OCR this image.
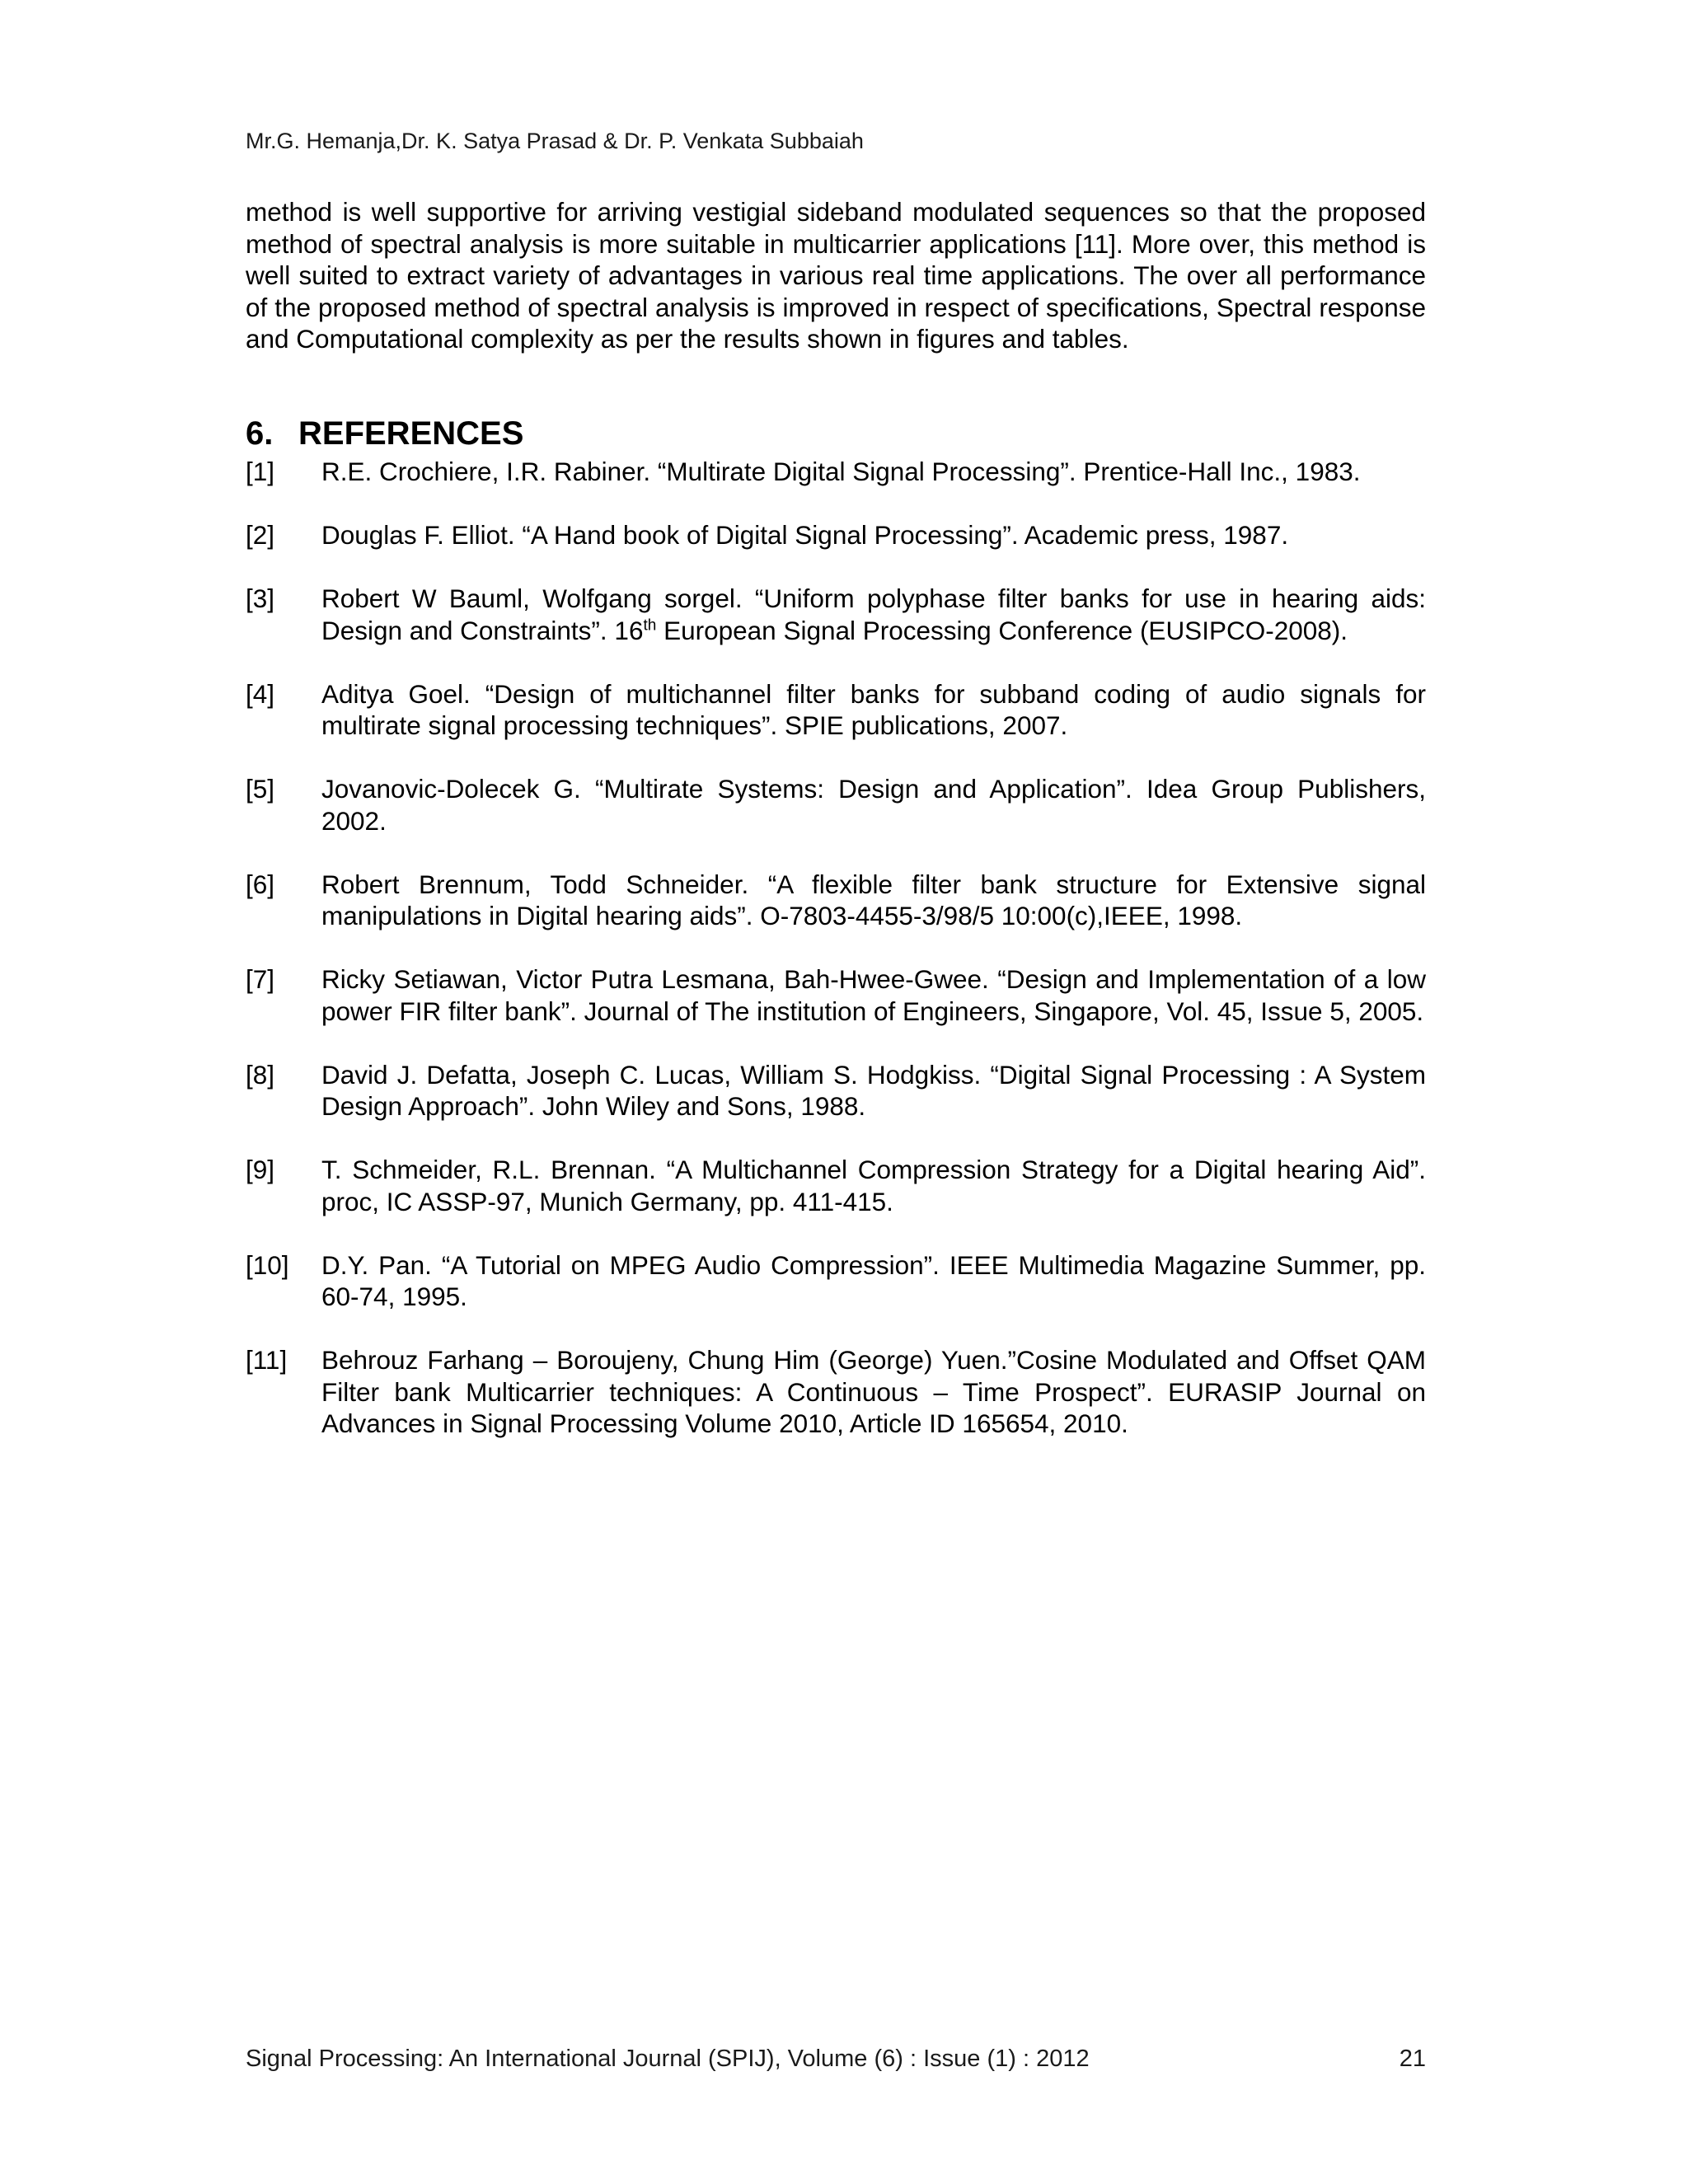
Mr.G. Hemanja,Dr. K. Satya Prasad & Dr. P. Venkata Subbaiah

method is well supportive for arriving vestigial sideband modulated sequences so that the proposed method of spectral analysis is more suitable in multicarrier applications [11]. More over, this method is well suited to extract variety of advantages in various real time applications. The over all performance of the proposed method of spectral analysis is improved in respect of specifications, Spectral response and Computational complexity as per the results shown in figures and tables.

6. REFERENCES
[1] R.E. Crochiere, I.R. Rabiner. “Multirate Digital Signal Processing”. Prentice-Hall Inc., 1983.
[2] Douglas F. Elliot. “A Hand book of Digital Signal Processing”. Academic press, 1987.
[3] Robert W Bauml, Wolfgang sorgel. “Uniform polyphase filter banks for use in hearing aids: Design and Constraints”. 16th European Signal Processing Conference (EUSIPCO-2008).
[4] Aditya Goel. “Design of multichannel filter banks for subband coding of audio signals for multirate signal processing techniques”. SPIE publications, 2007.
[5] Jovanovic-Dolecek G. “Multirate Systems: Design and Application”. Idea Group Publishers, 2002.
[6] Robert Brennum, Todd Schneider. “A flexible filter bank structure for Extensive signal manipulations in Digital hearing aids”. O-7803-4455-3/98/5 10:00(c),IEEE, 1998.
[7] Ricky Setiawan, Victor Putra Lesmana, Bah-Hwee-Gwee. “Design and Implementation of a low power FIR filter bank”. Journal of The institution of Engineers, Singapore, Vol. 45, Issue 5, 2005.
[8] David J. Defatta, Joseph C. Lucas, William S. Hodgkiss. “Digital Signal Processing : A System Design Approach”. John Wiley and Sons, 1988.
[9] T. Schmeider, R.L. Brennan. “A Multichannel Compression Strategy for a Digital hearing Aid”. proc, IC ASSP-97, Munich Germany, pp. 411-415.
[10] D.Y. Pan. “A Tutorial on MPEG Audio Compression”. IEEE Multimedia Magazine Summer, pp. 60-74, 1995.
[11] Behrouz Farhang – Boroujeny, Chung Him (George) Yuen.”Cosine Modulated and Offset QAM Filter bank Multicarrier techniques: A Continuous – Time Prospect”. EURASIP Journal on Advances in Signal Processing Volume 2010, Article ID 165654, 2010.
Signal Processing: An International Journal (SPIJ), Volume (6) : Issue (1) : 2012	21
